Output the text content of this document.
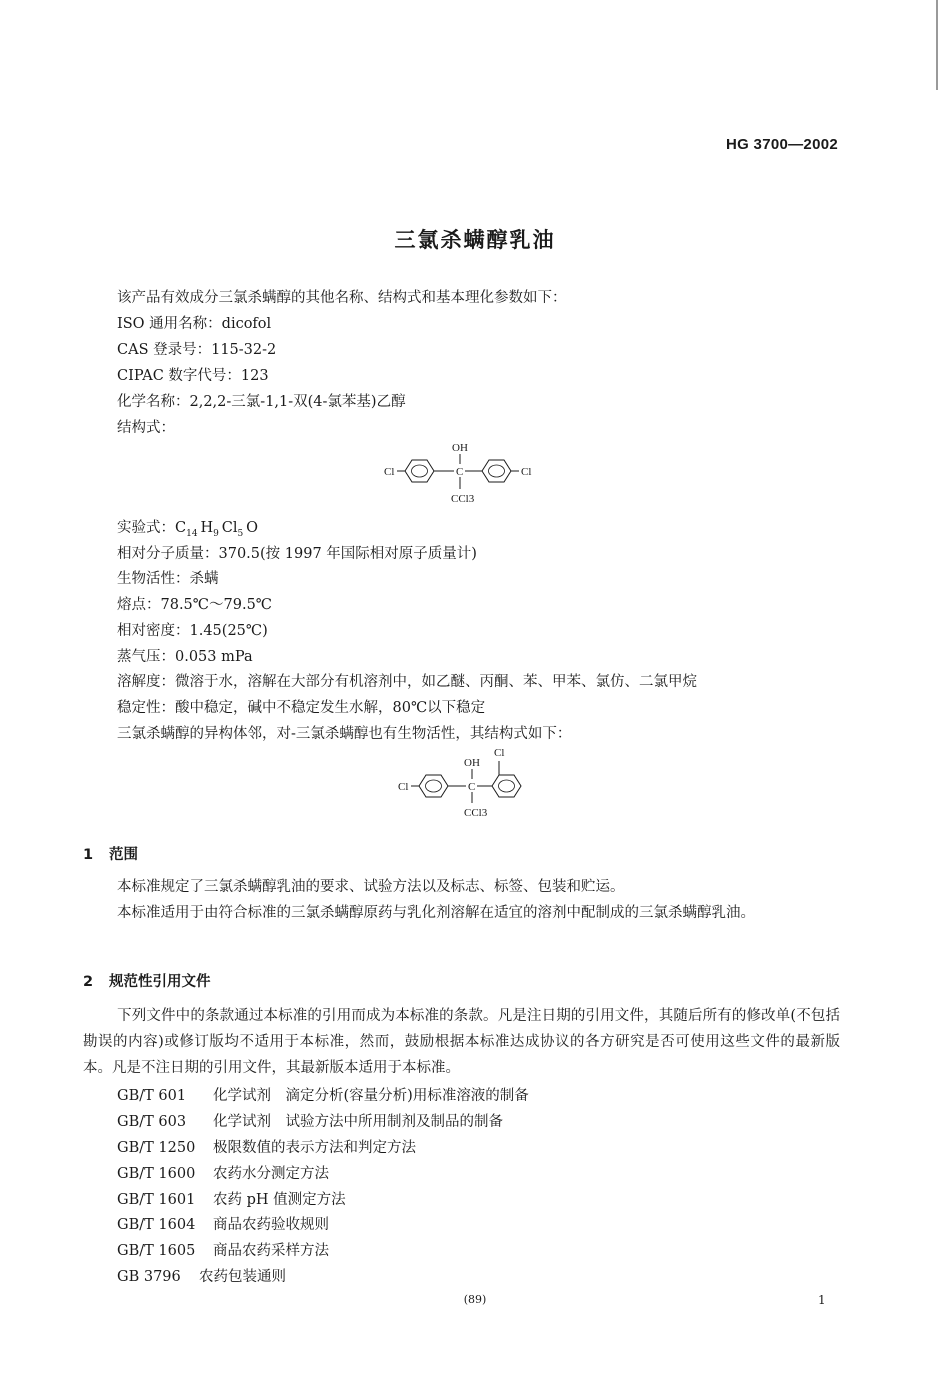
HG 3700—2002
三氯杀螨醇乳油
该产品有效成分三氯杀螨醇的其他名称、结构式和基本理化参数如下：
ISO 通用名称：dicofol
CAS 登录号：115-32-2
CIPAC 数字代号：123
化学名称：2,2,2-三氯-1,1-双(4-氯苯基)乙醇
结构式：
Cl	C
OH
Cl
CCl3
实验式：$C_{14}$  $H_9$  $Cl_5$  O
相对分子质量：370.5(按 1997 年国际相对原子质量计)
生物活性：杀螨
熔点：78.5℃～79.5℃
相对密度：1.45(25℃)
蒸气压：0.053 mPa
溶解度：微溶于水，溶解在大部分有机溶剂中，如乙醚、丙酮、苯、甲苯、氯仿、二氯甲烷
稳定性：酸中稳定，碱中不稳定发生水解，80℃以下稳定
三氯杀螨醇的异构体邻，对-三氯杀螨醇也有生物活性，其结构式如下：
Cl	C
OH
Cl
CCl3
1 范围
本标准规定了三氯杀螨醇乳油的要求、试验方法以及标志、标签、包装和贮运。
本标准适用于由符合标准的三氯杀螨醇原药与乳化剂溶解在适宜的溶剂中配制成的三氯杀螨醇乳油。
2 规范性引用文件
下列文件中的条款通过本标准的引用而成为本标准的条款。凡是注日期的引用文件，其随后所有的修改单(不包括勘误的内容)或修订版均不适用于本标准，然而，鼓励根据本标准达成协议的各方研究是否可使用这些文件的最新版本。凡是不注日期的引用文件，其最新版本适用于本标准。
GB/T 601 化学试剂　滴定分析(容量分析)用标准溶液的制备
GB/T 603 化学试剂　试验方法中所用制剂及制品的制备
GB/T 1250 极限数值的表示方法和判定方法
GB/T 1600 农药水分测定方法
GB/T 1601 农药 pH 值测定方法
GB/T 1604 商品农药验收规则
GB/T 1605 商品农药采样方法
GB 3796 农药包装通则
(89)	1
